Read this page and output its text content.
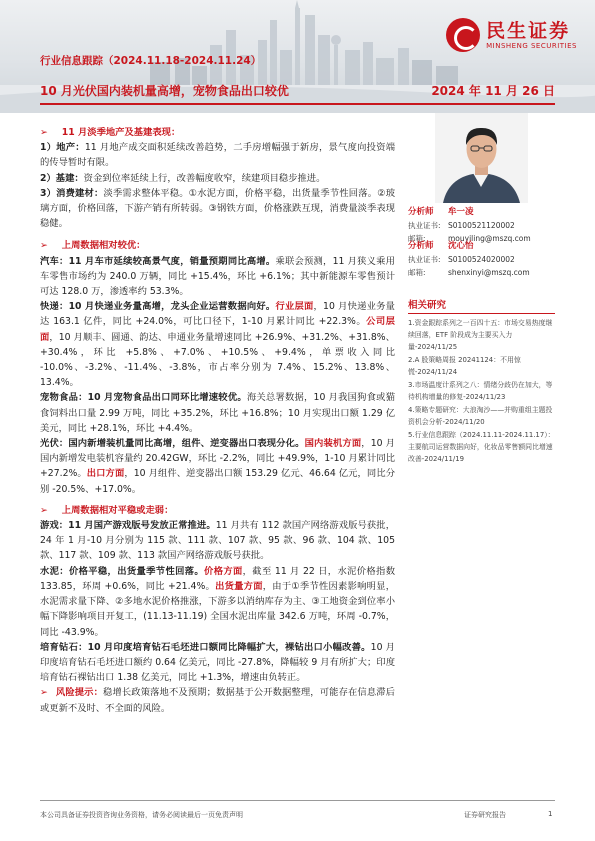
民生证券
MINSHENG SECURITIES
行业信息跟踪（2024.11.18-2024.11.24）
10 月光伏国内装机量高增，宠物食品出口较优	2024 年 11 月 26 日

➢ 11 月淡季地产及基建表现：

1）地产：11 月地产成交面积延续改善趋势，二手房增幅强于新房，景气度向投资端的传导暂时有限。

2）基建：资金到位率延续上行，改善幅度收窄，续建项目稳步推进。

3）消费建材：淡季需求整体平稳。①水泥方面，价格平稳，出货量季节性回落。②玻璃方面，价格回落，下游产销有所转弱。③钢铁方面，价格涨跌互现，消费量淡季表现稳健。

➢ 上周数据相对较优：

汽车：11 月车市延续较高景气度，销量预期同比高增。乘联会预测，11 月狭义乘用车零售市场约为 240.0 万辆，同比 +15.4%，环比 +6.1%；其中新能源车零售预计可达 128.0 万，渗透率约 53.3%。

快递：10 月快递业务量高增，龙头企业运营数据向好。行业层面，10 月快递业务量达 163.1 亿件，同比 +24.0%，可比口径下，1-10 月累计同比 +22.3%。公司层面，10 月顺丰、圆通、韵达、申通业务量增速同比 +26.9%、+31.2%、+31.8%、+30.4%，环比 +5.8%、+7.0%、+10.5%、+9.4%，单票收入同比 -10.0%、-3.2%、-11.4%、-3.8%，市占率分别为 7.4%、15.2%、13.8%、13.4%。

宠物食品：10 月宠物食品出口同环比增速较优。海关总署数据，10 月我国狗食或猫食饲料出口量 2.99 万吨，同比 +35.2%，环比 +16.8%；10 月实现出口额 1.29 亿美元，同比 +28.1%，环比 +4.4%。

光伏：国内新增装机量同比高增，组件、逆变器出口表现分化。国内装机方面，10 月国内新增发电装机容量约 20.42GW，环比 -2.2%，同比 +49.9%，1-10 月累计同比 +27.2%。出口方面，10 月组件、逆变器出口额 153.29 亿元、46.64 亿元，同比分别 -20.5%、+17.0%。

➢ 上周数据相对平稳或走弱：

游戏：11 月国产游戏版号发放正常推进。11 月共有 112 款国产网络游戏版号获批，24 年 1 月-10 月分别为 115 款、111 款、107 款、95 款、96 款、104 款、105 款、117 款、109 款、113 款国产网络游戏版号获批。

水泥：价格平稳，出货量季节性回落。价格方面，截至 11 月 22 日，水泥价格指数 133.85，环周 +0.6%，同比 +21.4%。出货量方面，由于①季节性因素影响明显，水泥需求量下降、②多地水泥价格推涨，下游多以消纳库存为主、③工地资金到位率小幅下降影响项目开复工，(11.13-11.19) 全国水泥出库量 342.6 万吨，环周 -0.7%，同比 -43.9%。

培育钻石：10 月印度培育钻石毛坯进口额同比降幅扩大，裸钻出口小幅改善。10 月印度培育钻石毛坯进口额约 0.64 亿美元，同比 -27.8%，降幅较 9 月有所扩大；印度培育钻石裸钻出口 1.38 亿美元，同比 +1.3%，增速由负转正。

➢ 风险提示：稳增长政策落地不及预期；数据基于公开数据整理，可能存在信息滞后或更新不及时、不全面的风险。

分析师 牟一凌
执业证书: S0100521120002
邮箱:	mouyiling@mszq.com
分析师 沈心怡
执业证书: S0100524020002
邮箱:	shenxinyi@mszq.com
相关研究
1.资金跟踪系列之一百四十五：市场交易热度继续回落，ETF 阶段成为主要买入力量-2024/11/25
2.A 股策略周报 20241124：不用惊慌-2024/11/24
3.市场温度计系列之八：情绪分歧仍在加大，等待机构增量的修复-2024/11/23
4.策略专题研究：大浪淘沙——并购重组主题投资机会分析-2024/11/20
5.行业信息跟踪（2024.11.11-2024.11.17）：主要航司运营数据向好，化妆品零售额同比增速改善-2024/11/19
本公司具备证券投资咨询业务资格，请务必阅读最后一页免责声明	证券研究报告	1
